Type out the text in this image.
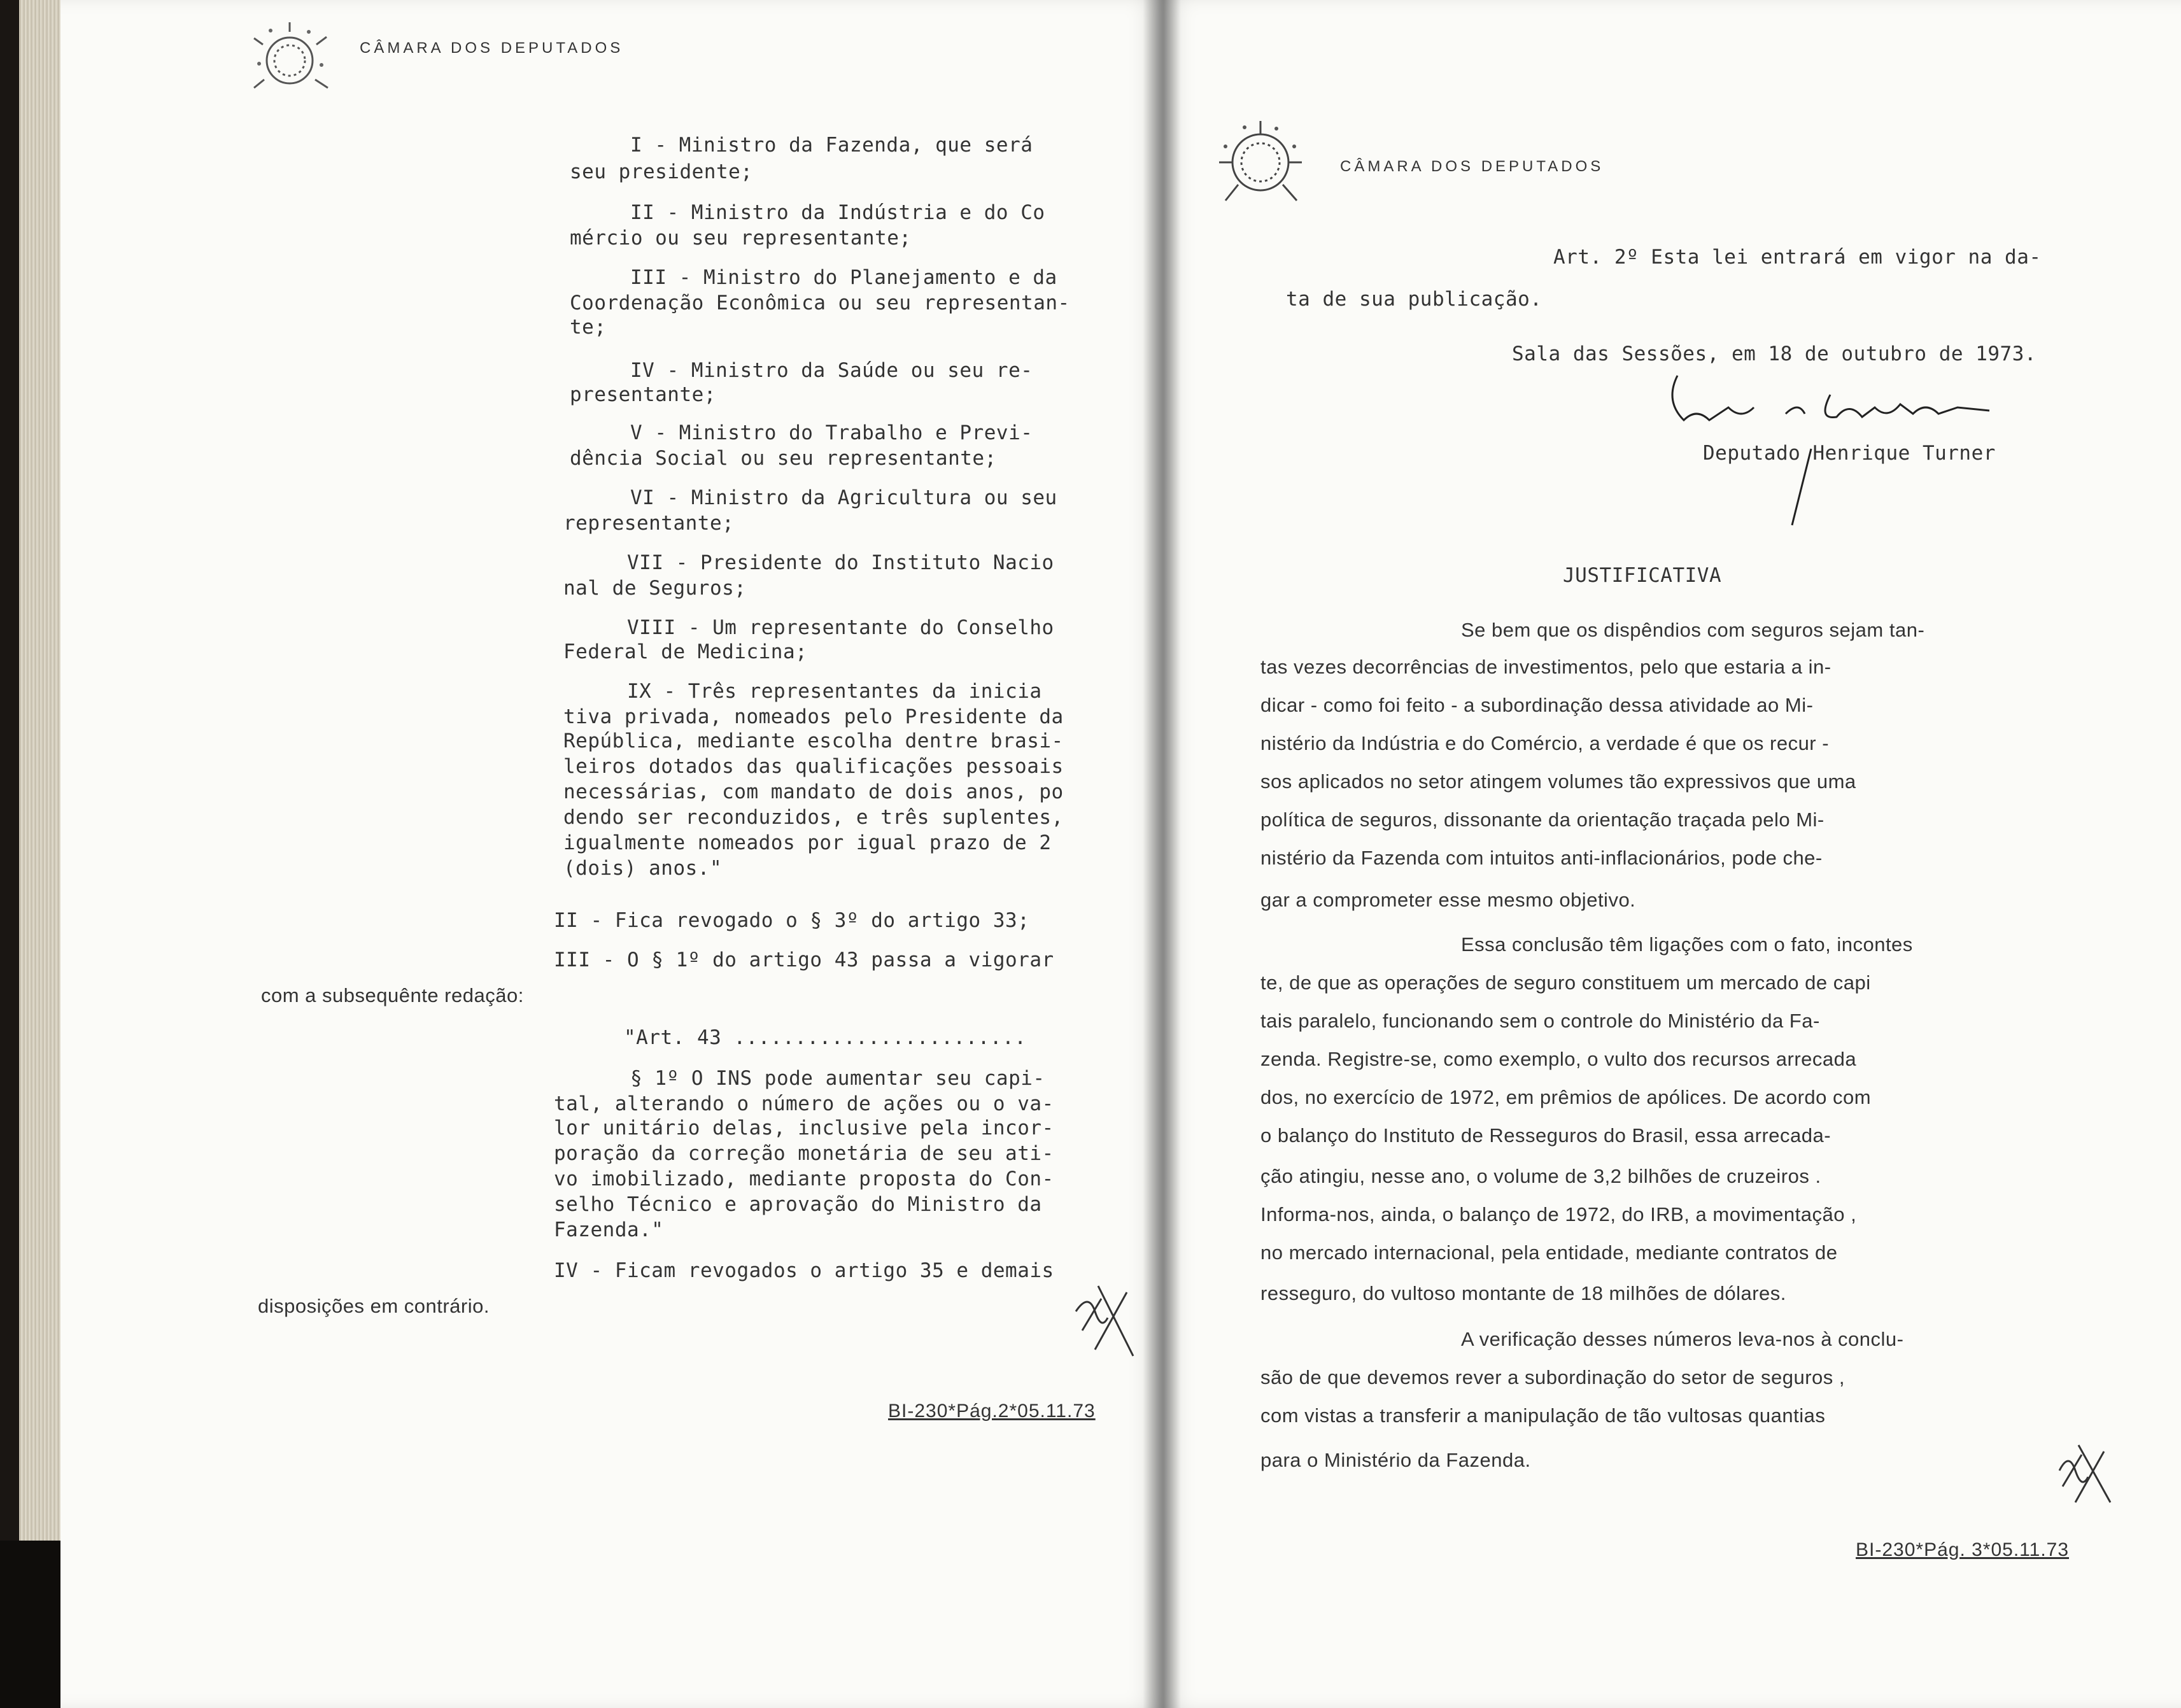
CÂMARA DOS DEPUTADOS
I - Ministro da Fazenda, que será
seu presidente;
II - Ministro da Indústria e do Co
mércio ou seu representante;
III - Ministro do Planejamento e da
Coordenação Econômica ou seu representan-
te;
IV - Ministro da Saúde ou seu re-
presentante;
V - Ministro do Trabalho e Previ-
dência Social ou seu representante;
VI - Ministro da Agricultura ou seu
representante;
VII - Presidente do Instituto Nacio
nal de Seguros;
VIII - Um representante do Conselho
Federal de Medicina;
IX - Três representantes da inicia
tiva privada, nomeados pelo Presidente da
República, mediante escolha dentre brasi-
leiros dotados das qualificações pessoais
necessárias, com mandato de dois anos, po
dendo ser reconduzidos, e três suplentes,
igualmente nomeados por igual prazo de 2
(dois) anos."
II - Fica revogado o § 3º do artigo 33;
III - O § 1º do artigo 43 passa a vigorar
com a subsequênte redação:
"Art. 43 ........................
§ 1º O INS pode aumentar seu capi-
tal, alterando o número de ações ou o va-
lor unitário delas, inclusive pela incor-
poração da correção monetária de seu ati-
vo imobilizado, mediante proposta do Con-
selho Técnico e aprovação do Ministro da
Fazenda."
IV - Ficam revogados o artigo 35 e demais
disposições em contrário.
BI-230*Pág.2*05.11.73
CÂMARA DOS DEPUTADOS
Art. 2º Esta lei entrará em vigor na da-
ta de sua publicação.
Sala das Sessões, em 18 de outubro de 1973.
Deputado Henrique Turner
JUSTIFICATIVA
Se bem que os dispêndios com seguros sejam tan-
tas vezes decorrências de investimentos, pelo que estaria a in-
dicar - como foi feito - a subordinação dessa atividade ao Mi-
nistério da Indústria e do Comércio, a verdade é que os recur -
sos aplicados no setor atingem volumes tão expressivos que uma
política de seguros, dissonante da orientação traçada pelo Mi-
nistério da Fazenda com intuitos anti-inflacionários, pode che-
gar a comprometer esse mesmo objetivo.
Essa conclusão têm ligações com o fato, incontes
te, de que as operações de seguro constituem um mercado de capi
tais paralelo, funcionando sem o controle do Ministério da Fa-
zenda. Registre-se, como exemplo, o vulto dos recursos arrecada
dos, no exercício de 1972, em prêmios de apólices. De acordo com
o balanço do Instituto de Resseguros do Brasil, essa arrecada-
ção atingiu, nesse ano, o volume de 3,2 bilhões de cruzeiros .
Informa-nos, ainda, o balanço de 1972, do IRB, a movimentação ,
no mercado internacional, pela entidade, mediante contratos de
resseguro, do vultoso montante de 18 milhões de dólares.
A verificação desses números leva-nos à conclu-
são de que devemos rever a subordinação do setor de seguros ,
com vistas a transferir a manipulação de tão vultosas quantias
para o Ministério da Fazenda.
BI-230*Pág. 3*05.11.73
